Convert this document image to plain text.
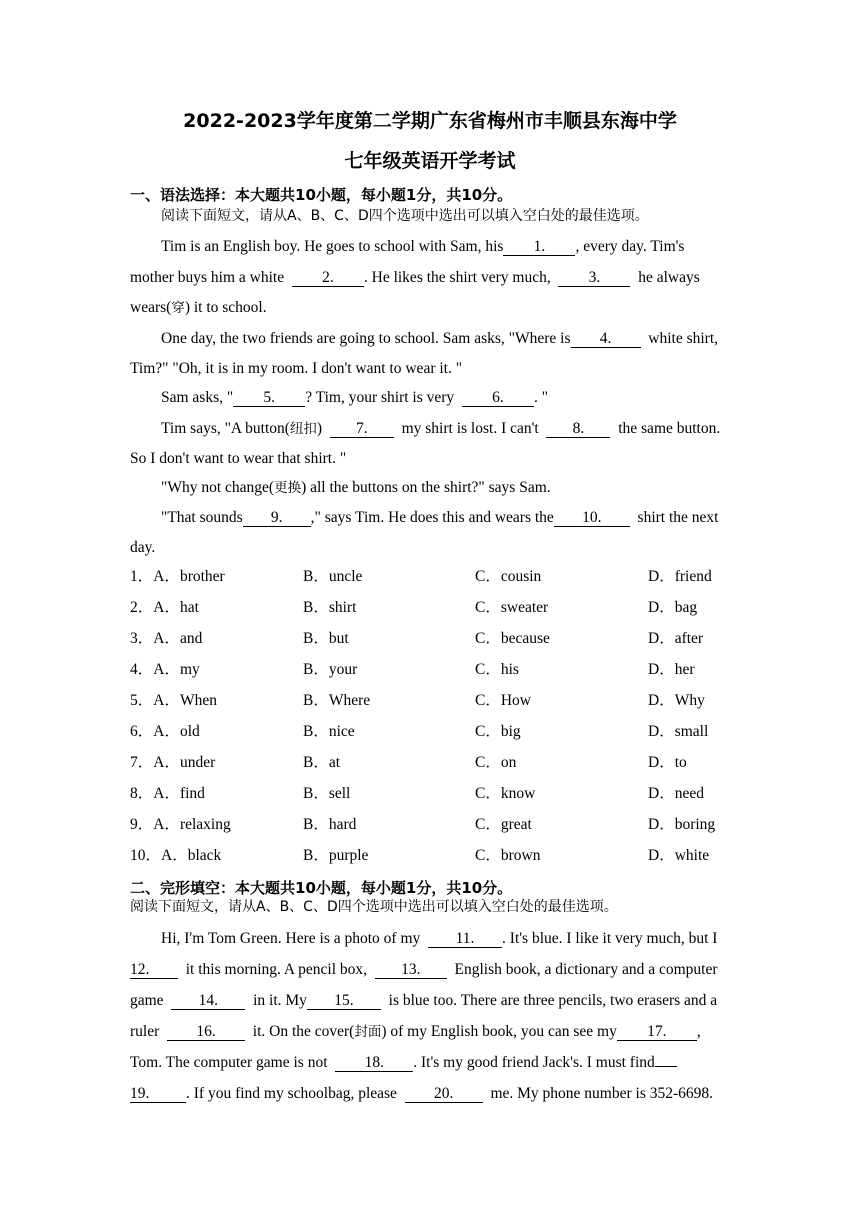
2022-2023学年度第二学期广东省梅州市丰顺县东海中学
七年级英语开学考试
一、语法选择：本大题共10小题，每小题1分，共10分。
阅读下面短文，请从A、B、C、D四个选项中选出可以填入空白处的最佳选项。
Tim is an English boy. He goes to school with Sam, his 1. , every day. Tim's
mother buys him a white 2. . He likes the shirt very much, 3. he always
wears(穿) it to school.
One day, the two friends are going to school. Sam asks, "Where is 4. white shirt,
Tim?" "Oh, it is in my room. I don't want to wear it. "
Sam asks, " 5. ? Tim, your shirt is very 6. . "
Tim says, "A button(纽扣) 7. my shirt is lost. I can't 8. the same button.
So I don't want to wear that shirt. "
"Why not change(更换) all the buttons on the shirt?" says Sam.
"That sounds 9. ," says Tim. He does this and wears the 10. shirt the next
day.
1．A．brother	B．uncle	C．cousin	D．friend
2．A．hat	B．shirt	C．sweater	D．bag
3．A．and	B．but	C．because	D．after
4．A．my	B．your	C．his	D．her
5．A．When	B．Where	C．How	D．Why
6．A．old	B．nice	C．big	D．small
7．A．under	B．at	C．on	D．to
8．A．find	B．sell	C．know	D．need
9．A．relaxing	B．hard	C．great	D．boring
10．A．black	B．purple	C．brown	D．white
二、完形填空：本大题共10小题，每小题1分，共10分。
阅读下面短文，请从A、B、C、D四个选项中选出可以填入空白处的最佳选项。
Hi, I'm Tom Green. Here is a photo of my 11. . It's blue. I like it very much, but I
12. it this morning. A pencil box, 13. English book, a dictionary and a computer
game 14. in it. My 15. is blue too. There are three pencils, two erasers and a
ruler 16. it. On the cover(封面) of my English book, you can see my 17. ,
Tom. The computer game is not 18. . It's my good friend Jack's. I must find
19. . If you find my schoolbag, please 20. me. My phone number is 352-6698.
